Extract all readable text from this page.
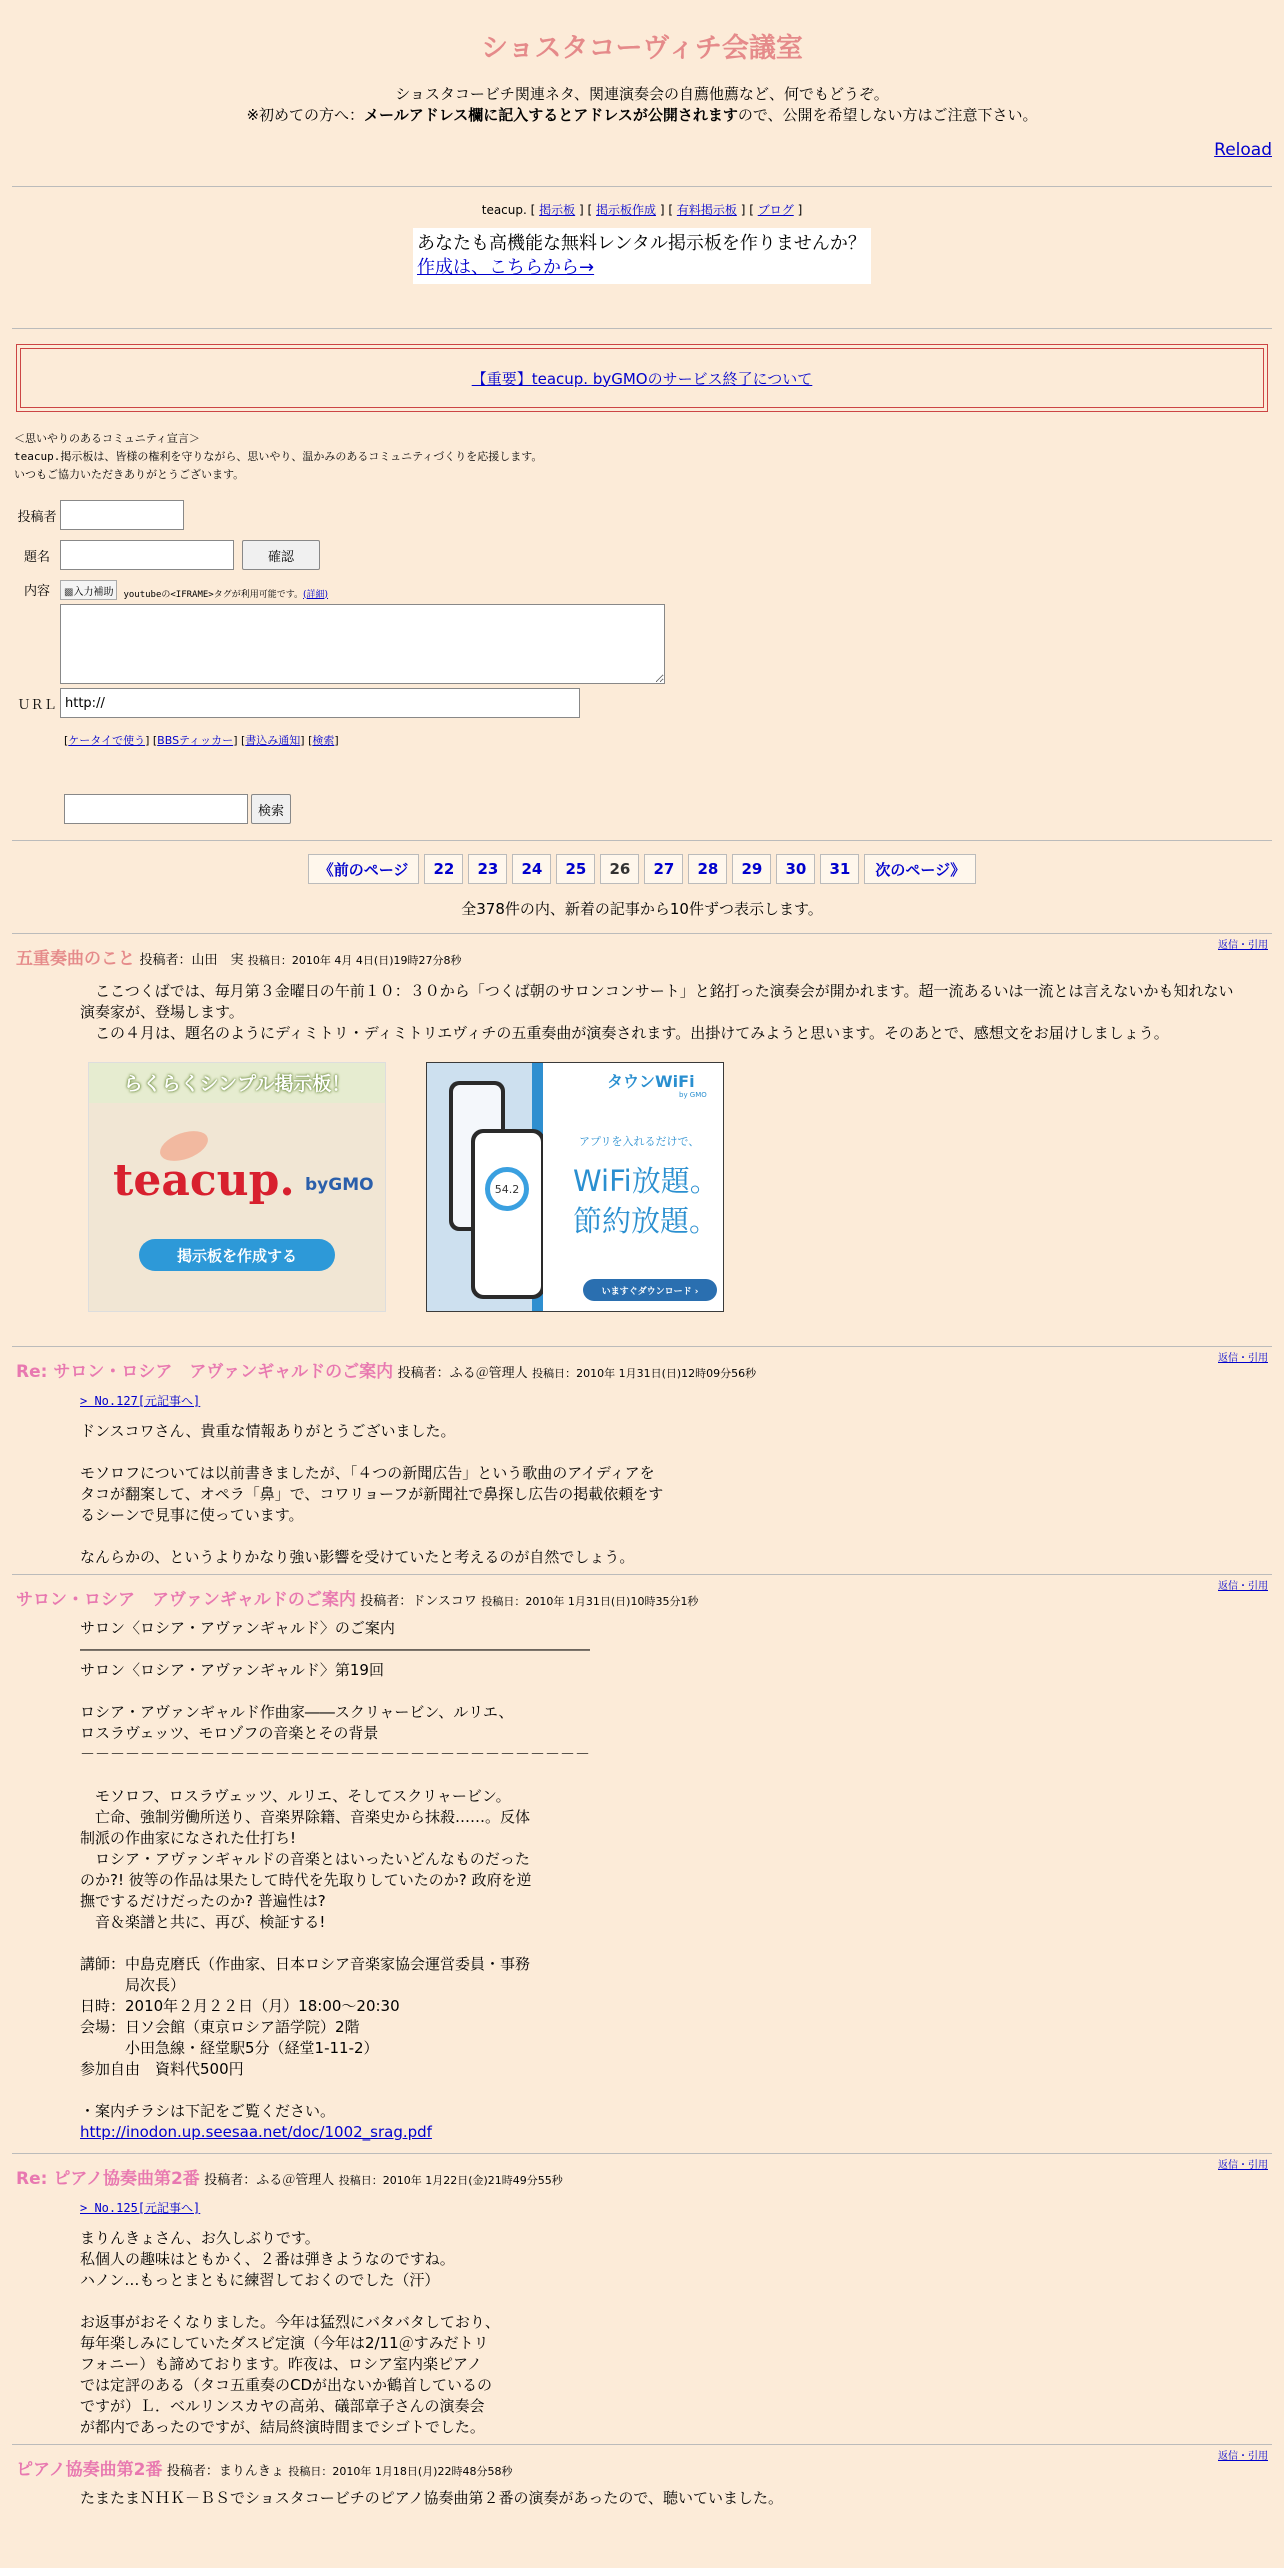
ショスタコーヴィチ会議室
ショスタコービチ関連ネタ、関連演奏会の自薦他薦など、何でもどうぞ。
※初めての方へ：メールアドレス欄に記入するとアドレスが公開されますので、公開を希望しない方はご注意下さい。
Reload
teacup. [ 掲示板 ] [ 掲示板作成 ] [ 有料掲示板 ] [ ブログ ]
あなたも高機能な無料レンタル掲示板を作りませんか？
作成は、こちらから→
【重要】teacup. byGMOのサービス終了について
＜思いやりのあるコミュニティ宣言＞
teacup.掲示板は、皆様の権利を守りながら、思いやり、温かみのあるコミュニティづくりを応援します。
いつもご協力いただきありがとうございます。
投稿者
題名	確認
内容	▩入力補助	youtubeの<IFRAME>タグが利用可能です。 (詳細)
ＵＲＬ
http://
[ケータイで使う] [BBSティッカー] [書込み通知] [検索]
検索
《前のページ	22	23	24	25	26	27	28	29	30	31	次のページ》
全378件の内、新着の記事から10件ずつ表示します。
返信・引用
五重奏曲のこと 投稿者：山田　実 投稿日：2010年 4月 4日(日)19時27分8秒
　ここつくばでは、毎月第３金曜日の午前１０：３０から「つくば朝のサロンコンサート」と銘打った演奏会が開かれます。超一流あるいは一流とは言えないかも知れない演奏家が、登場します。
　この４月は、題名のようにディミトリ・ディミトリエヴィチの五重奏曲が演奏されます。出掛けてみようと思います。そのあとで、感想文をお届けしましょう。
らくらくシンプル掲示板！
teacup. byGMO
掲示板を作成する
54.2
タウンWiFi
by GMO
アプリを入れるだけで、
WiFi放題。
節約放題。
いますぐダウンロード ›
返信・引用
Re: サロン・ロシア　アヴァンギャルドのご案内 投稿者：ふる＠管理人 投稿日：2010年 1月31日(日)12時09分56秒
> No.127[元記事へ]
ドンスコワさん、貴重な情報ありがとうございました。
モソロフについては以前書きましたが、「４つの新聞広告」という歌曲のアイディアを
タコが翻案して、オペラ「鼻」で、コワリョーフが新聞社で鼻探し広告の掲載依頼をす
るシーンで見事に使っています。
なんらかの、というよりかなり強い影響を受けていたと考えるのが自然でしょう。
返信・引用
サロン・ロシア　アヴァンギャルドのご案内 投稿者：ドンスコワ 投稿日：2010年 1月31日(日)10時35分1秒
サロン〈ロシア・アヴァンギャルド〉のご案内
――――――――――――――――――――――――――――――――――
サロン〈ロシア・アヴァンギャルド〉第19回
ロシア・アヴァンギャルド作曲家――スクリャービン、ルリエ、
ロスラヴェッツ、モロゾフの音楽とその背景
－－－－－－－－－－－－－－－－－－－－－－－－－－－－－－－－－－
　モソロフ、ロスラヴェッツ、ルリエ、そしてスクリャービン。
　亡命、強制労働所送り、音楽界除籍、音楽史から抹殺……。反体
制派の作曲家になされた仕打ち!
　ロシア・アヴァンギャルドの音楽とはいったいどんなものだった
のか?! 彼等の作品は果たして時代を先取りしていたのか? 政府を逆
撫でするだけだったのか? 普遍性は?
　音＆楽譜と共に、再び、検証する!
講師：中島克磨氏（作曲家、日本ロシア音楽家協会運営委員・事務
　　　局次長）
日時：2010年２月２２日（月）18:00～20:30
会場：日ソ会館（東京ロシア語学院）2階
　　　小田急線・経堂駅5分（経堂1-11-2）
参加自由　資料代500円
・案内チラシは下記をご覧ください。
http://inodon.up.seesaa.net/doc/1002_srag.pdf
返信・引用
Re: ピアノ協奏曲第2番 投稿者：ふる＠管理人 投稿日：2010年 1月22日(金)21時49分55秒
> No.125[元記事へ]
まりんきょさん、お久しぶりです。
私個人の趣味はともかく、２番は弾きようなのですね。
ハノン…もっとまともに練習しておくのでした（汗）
お返事がおそくなりました。今年は猛烈にバタバタしており、
毎年楽しみにしていたダスビ定演（今年は2/11＠すみだトリ
フォニー）も諦めております。昨夜は、ロシア室内楽ピアノ
では定評のある（タコ五重奏のCDが出ないか鶴首しているの
ですが）Ｌ．ベルリンスカヤの高弟、礒部章子さんの演奏会
が都内であったのですが、結局終演時間までシゴトでした。
返信・引用
ピアノ協奏曲第2番 投稿者：まりんきょ 投稿日：2010年 1月18日(月)22時48分58秒
たまたまＮＨＫ－ＢＳでショスタコービチのピアノ協奏曲第２番の演奏があったので、聴いていました。
